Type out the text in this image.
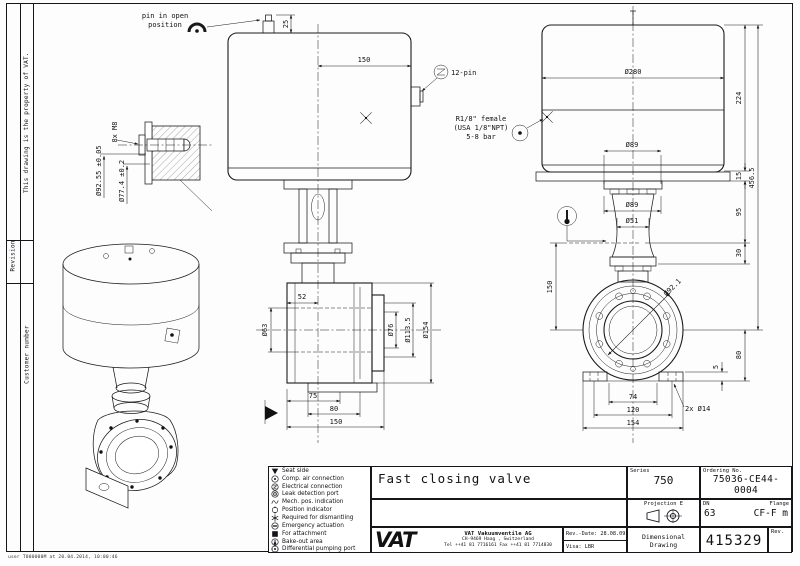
This drawing is the property of VAT.
Revision
Customer number
user T000000M at 20.04.2014, 10:00:46
pin in open
position	25
150
12-pin
52
Ø63	Ø76 Ø113.5 Ø154
75
80
150
Ø280
R1/8" female
(USA 1/8"NPT)
5-8 bar
Ø89
Ø89
Ø51
150	Ø92.1
74
120
154
2x Ø14
224
15
95
30
456.5
80
5
8x M8
Ø92.55 ±0.05 Ø77.4 ±0.2
Seat side
Comp. air connection
Electrical connection
Leak detection port
Mech. pos. indication
Position indicator
Required for dismantling
Emergency actuation
For attachment
Bake-out area
Differential pumping port
Fast closing valve
VAT	VAT Vakuumventile AG
CH-9469 Haag , Switzerland
Tel ++41 81 7716161 Fax ++41 81 7714830
Rev.-Date: 28.08.09
Visa: LBR
Series
750
Ordering No.
75036-CE44-0004
Projection E	DN	Flange
63	CF-F m
Dimensional
Drawing	415329
Rev.
